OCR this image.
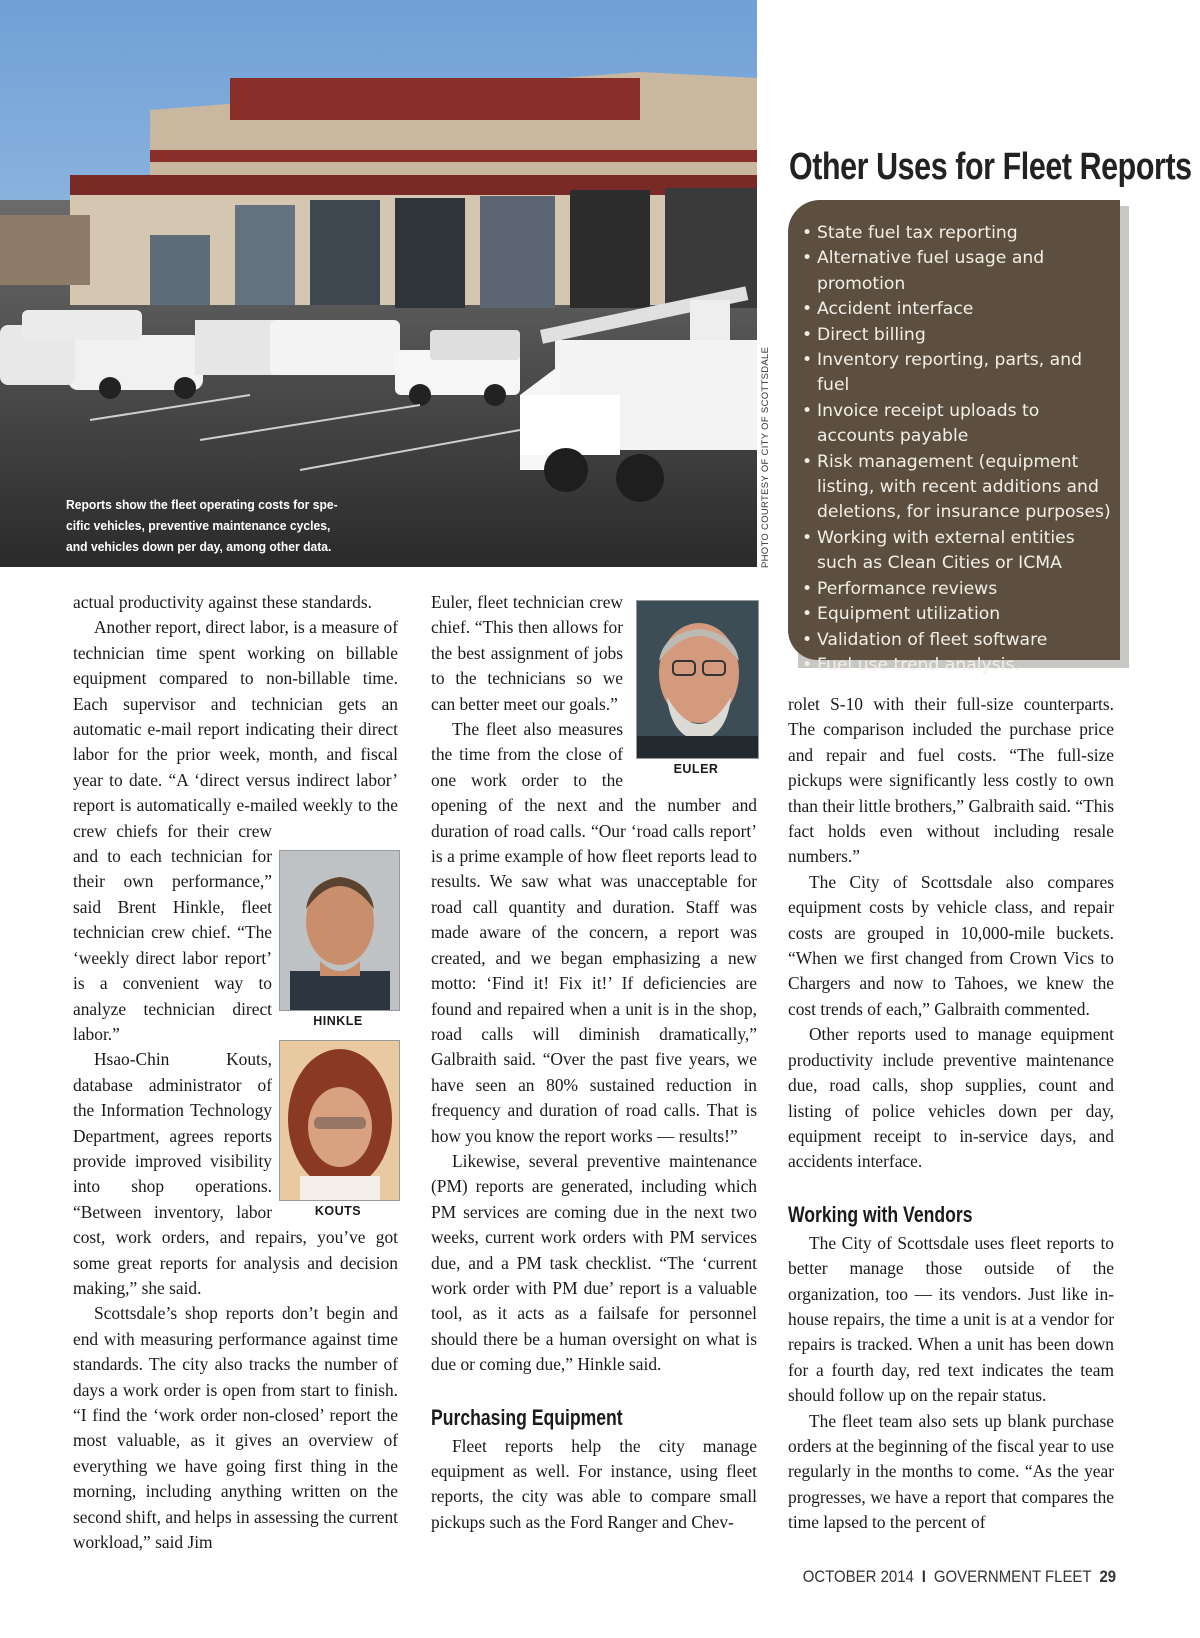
Reports show the fleet operating costs for spe-
cific vehicles, preventive maintenance cycles,
and vehicles down per day, among other data.	PHOTO COURTESY OF CITY OF SCOTTSDALE
Other Uses for Fleet Reports
• State fuel tax reporting
• Alternative fuel usage and promotion
• Accident interface
• Direct billing
• Inventory reporting, parts, and fuel
• Invoice receipt uploads to accounts payable
• Risk management (equipment listing, with recent additions and deletions, for insurance purposes)
• Working with external entities such as Clean Cities or ICMA
• Performance reviews
• Equipment utilization
• Validation of fleet software
• Fuel use trend analysis.

actual productivity against these standards.

Another report, direct labor, is a measure of technician time spent working on billable equipment compared to non-billable time. Each supervisor and technician gets an automatic e-mail report indicating their direct labor for the prior week, month, and fiscal year to date. “A ‘direct versus indirect labor’ report is automatically e-mailed weekly to the crew chiefs for their crew and to each technician for their own performance,” said Brent Hinkle, fleet technician crew chief. “The ‘weekly direct labor report’ is a convenient way to analyze technician direct labor.”

Hsao-Chin Kouts, database administrator of the Information Technology Department, agrees reports provide improved visibility into shop operations. “Between inventory, labor cost, work orders, and repairs, you’ve got some great reports for analysis and decision making,” she said.

Scottsdale’s shop reports don’t begin and end with measuring performance against time standards. The city also tracks the number of days a work order is open from start to finish. “I find the ‘work order non-closed’ report the most valuable, as it gives an overview of everything we have going first thing in the morning, including anything written on the second shift, and helps in assessing the current workload,” said Jim

HINKLE
KOUTS

Euler, fleet technician crew chief. “This then allows for the best assignment of jobs to the technicians so we can better meet our goals.”

The fleet also measures the time from the close of one work order to the opening of the next and the number and duration of road calls. “Our ‘road calls report’ is a prime example of how fleet reports lead to results. We saw what was unacceptable for road call quantity and duration. Staff was made aware of the concern, a report was created, and we began emphasizing a new motto: ‘Find it! Fix it!’ If deficiencies are found and repaired when a unit is in the shop, road calls will diminish dramatically,” Galbraith said. “Over the past five years, we have seen an 80% sustained reduction in frequency and duration of road calls. That is how you know the report works — results!”

Likewise, several preventive maintenance (PM) reports are generated, including which PM services are coming due in the next two weeks, current work orders with PM services due, and a PM task checklist. “The ‘current work order with PM due’ report is a valuable tool, as it acts as a failsafe for personnel should there be a human oversight on what is due or coming due,” Hinkle said.

Purchasing Equipment

Fleet reports help the city manage equipment as well. For instance, using fleet reports, the city was able to compare small pickups such as the Ford Ranger and Chev-

EULER

rolet S-10 with their full-size counterparts. The comparison included the purchase price and repair and fuel costs. “The full-size pickups were significantly less costly to own than their little brothers,” Galbraith said. “This fact holds even without including resale numbers.”

The City of Scottsdale also compares equipment costs by vehicle class, and repair costs are grouped in 10,000-mile buckets. “When we first changed from Crown Vics to Chargers and now to Tahoes, we knew the cost trends of each,” Galbraith commented.

Other reports used to manage equipment productivity include preventive maintenance due, road calls, shop supplies, count and listing of police vehicles down per day, equipment receipt to in-service days, and accidents interface.

Working with Vendors

The City of Scottsdale uses fleet reports to better manage those outside of the organization, too — its vendors. Just like in-house repairs, the time a unit is at a vendor for repairs is tracked. When a unit has been down for a fourth day, red text indicates the team should follow up on the repair status.

The fleet team also sets up blank purchase orders at the beginning of the fiscal year to use regularly in the months to come. “As the year progresses, we have a report that compares the time lapsed to the percent of

OCTOBER 2014 I GOVERNMENT FLEET 29
